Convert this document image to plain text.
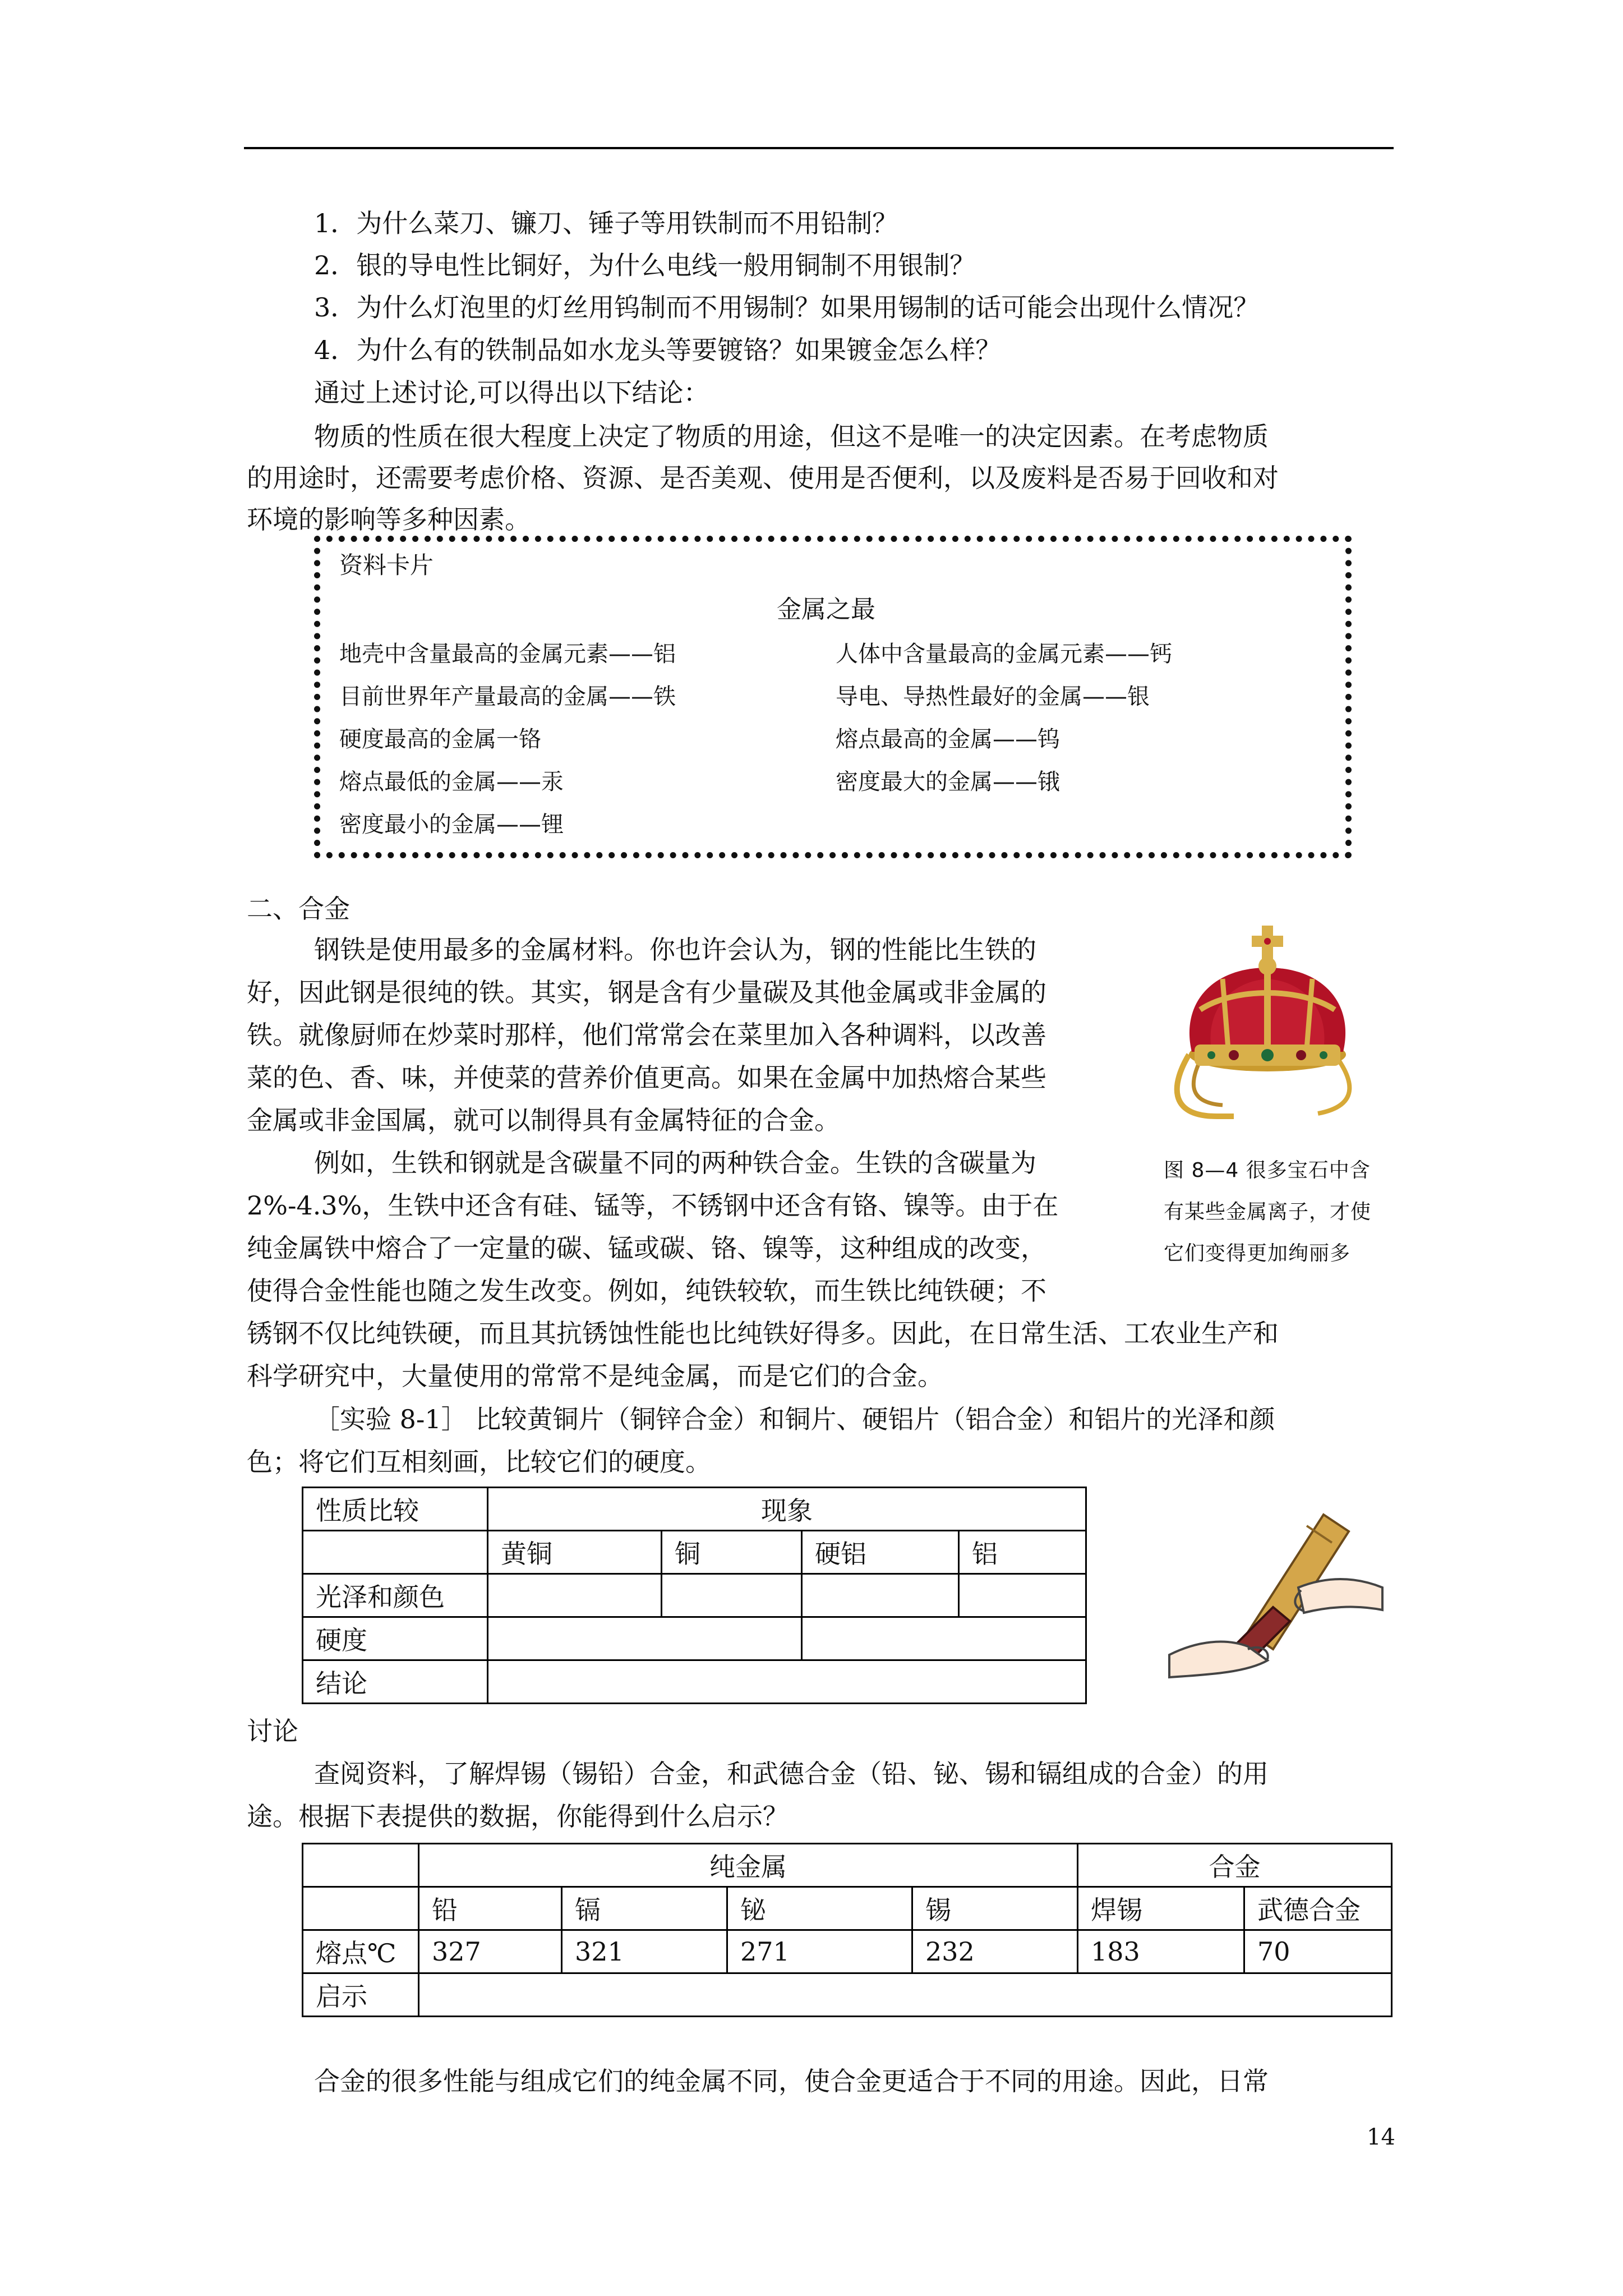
1．为什么菜刀、镰刀、锤子等用铁制而不用铅制？
2．银的导电性比铜好，为什么电线一般用铜制不用银制？
3．为什么灯泡里的灯丝用钨制而不用锡制？如果用锡制的话可能会出现什么情况？
4．为什么有的铁制品如水龙头等要镀铬？如果镀金怎么样？
通过上述讨论,可以得出以下结论：
物质的性质在很大程度上决定了物质的用途，但这不是唯一的决定因素。在考虑物质
的用途时，还需要考虑价格、资源、是否美观、使用是否便利，以及废料是否易于回收和对
环境的影响等多种因素。
资料卡片
金属之最
地壳中含量最高的金属元素——铝
目前世界年产量最高的金属——铁
硬度最高的金属一铬
熔点最低的金属——汞
密度最小的金属——锂
人体中含量最高的金属元素——钙
导电、导热性最好的金属——银
熔点最高的金属——钨
密度最大的金属——锇
二、合金
钢铁是使用最多的金属材料。你也许会认为，钢的性能比生铁的
好，因此钢是很纯的铁。其实，钢是含有少量碳及其他金属或非金属的
铁。就像厨师在炒菜时那样，他们常常会在菜里加入各种调料，以改善
菜的色、香、味，并使菜的营养价值更高。如果在金属中加热熔合某些
金属或非金国属，就可以制得具有金属特征的合金。
例如，生铁和钢就是含碳量不同的两种铁合金。生铁的含碳量为
2%-4.3%，生铁中还含有硅、锰等，不锈钢中还含有铬、镍等。由于在
纯金属铁中熔合了一定量的碳、锰或碳、铬、镍等，这种组成的改变，
使得合金性能也随之发生改变。例如，纯铁较软，而生铁比纯铁硬；不
锈钢不仅比纯铁硬，而且其抗锈蚀性能也比纯铁好得多。因此，在日常生活、工农业生产和
科学研究中，大量使用的常常不是纯金属，而是它们的合金。
图 8—4 很多宝石中含
有某些金属离子，才使
它们变得更加绚丽多
［实验 8-1］ 比较黄铜片（铜锌合金）和铜片、硬铝片（铝合金）和铝片的光泽和颜
色；将它们互相刻画，比较它们的硬度。
性质比较	现象			
	黄铜	铜	硬铝	铝
光泽和颜色				
硬度				
结论				
讨论
查阅资料，了解焊锡（锡铅）合金，和武德合金（铅、铋、锡和镉组成的合金）的用
途。根据下表提供的数据，你能得到什么启示？
	纯金属				合金	
	铅	镉	铋	锡	焊锡	武德合金
熔点℃	327	321	271	232	183	70
启示						
合金的很多性能与组成它们的纯金属不同，使合金更适合于不同的用途。因此，日常
14
